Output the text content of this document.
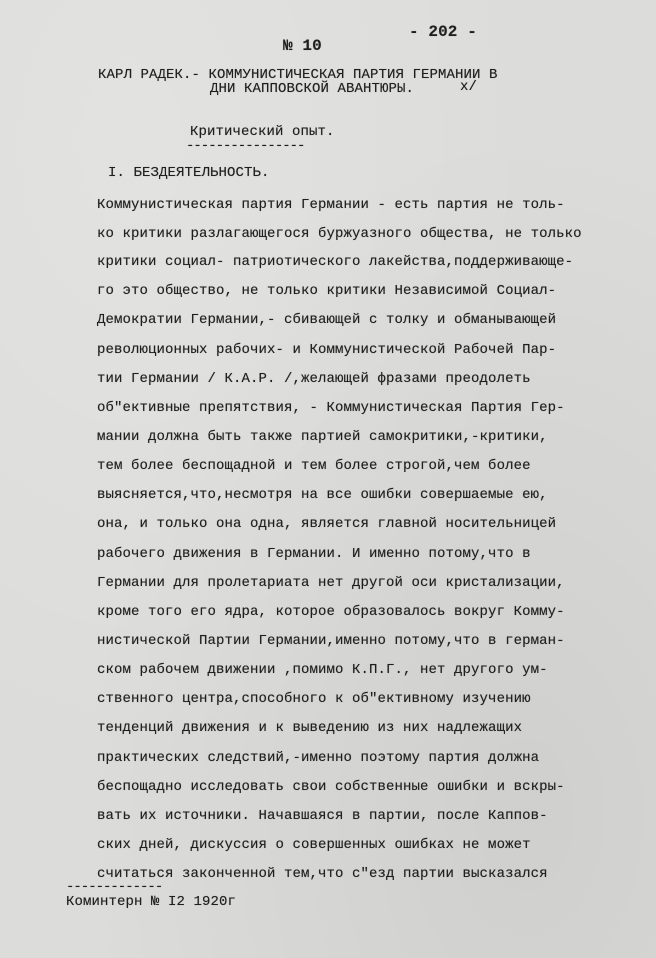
№ 10
- 202 -
КАРЛ РАДЕК.- КОММУНИСТИЧЕСКАЯ ПАРТИЯ ГЕРМАНИИ В
ДНИ КАППОВСКОЙ АВАНТЮРЫ.	х/
Критический опыт.
----------------
I. БЕЗДЕЯТЕЛЬНОСТЬ.
Коммунистическая партия Германии - есть партия не толь-
ко критики разлагающегося буржуазного общества, не только
критики социал- патриотического лакейства,поддерживающе-
го это общество, не только критики Независимой Социал-
Демократии Германии,- сбивающей с толку и обманывающей
революционных рабочих- и Коммунистической Рабочей Пар-
тии Германии / К.А.Р. /,желающей фразами преодолеть
об"ективные препятствия, - Коммунистическая Партия Гер-
мании должна быть также партией самокритики,-критики,
тем более беспощадной и тем более строгой,чем более
выясняется,что,несмотря на все ошибки совершаемые ею,
она, и только она одна, является главной носительницей
рабочего движения в Германии. И именно потому,что в
Германии для пролетариата нет другой оси кристализации,
кроме того его ядра, которое образовалось вокруг Комму-
нистической Партии Германии,именно потому,что в герман-
ском рабочем движении ,помимо К.П.Г., нет другого ум-
ственного центра,способного к об"ективному изучению
тенденций движения и к выведению из них надлежащих
практических следствий,-именно поэтому партия должна
беспощадно исследовать свои собственные ошибки и вскры-
вать их источники. Начавшаяся в партии, после Каппов-
ских дней, дискуссия о совершенных ошибках не может
считаться законченной тем,что с"езд партии высказался
-------------
Коминтерн № I2 1920г
